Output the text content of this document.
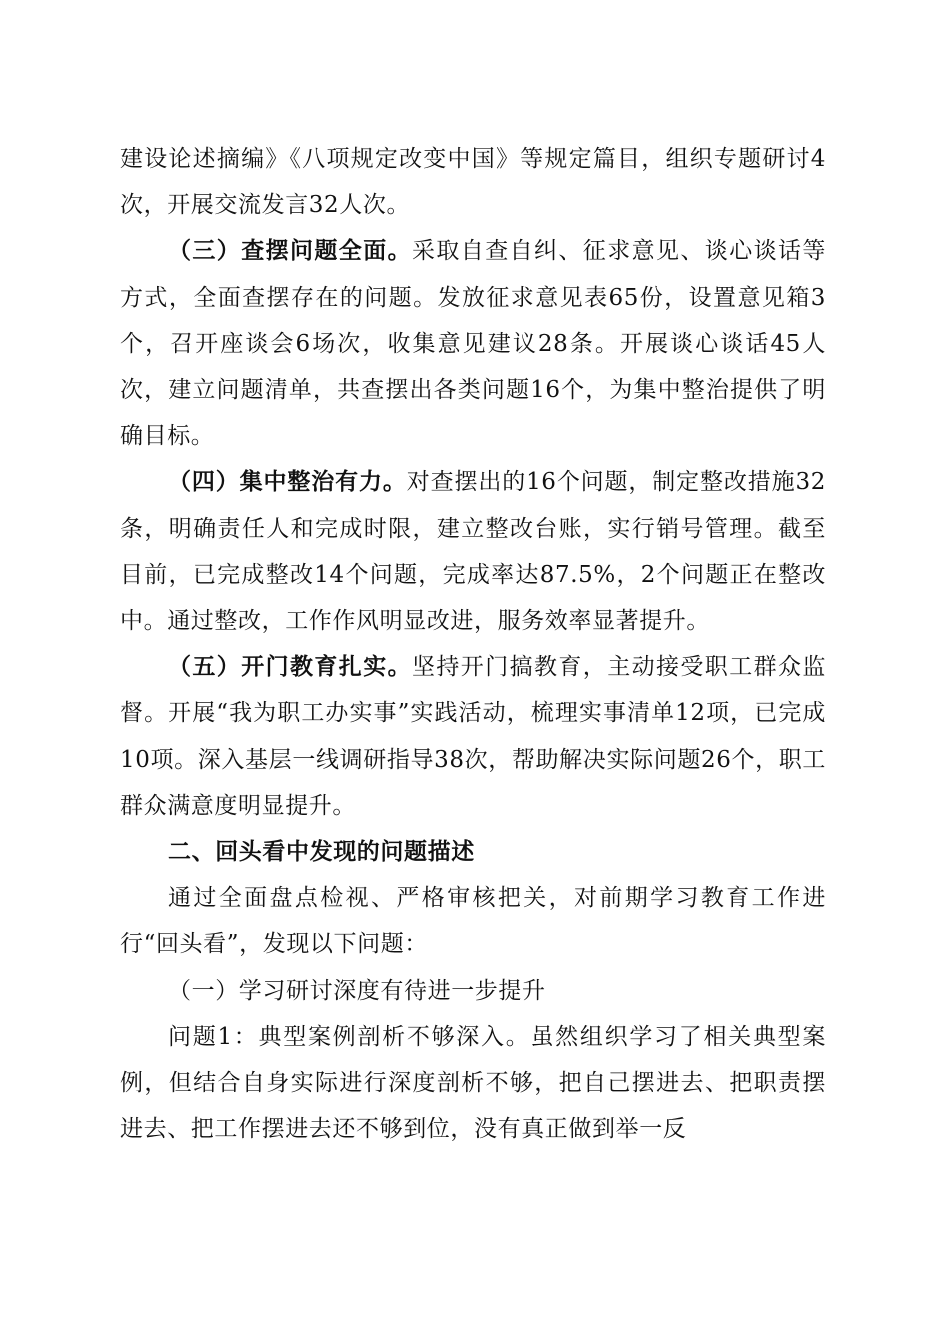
建设论述摘编》《八项规定改变中国》等规定篇目，组织专题研讨4次，开展交流发言32人次。

（三）查摆问题全面。采取自查自纠、征求意见、谈心谈话等方式，全面查摆存在的问题。发放征求意见表65份，设置意见箱3个，召开座谈会6场次，收集意见建议28条。开展谈心谈话45人次，建立问题清单，共查摆出各类问题16个，为集中整治提供了明确目标。

（四）集中整治有力。对查摆出的16个问题，制定整改措施32条，明确责任人和完成时限，建立整改台账，实行销号管理。截至目前，已完成整改14个问题，完成率达87.5%，2个问题正在整改中。通过整改，工作作风明显改进，服务效率显著提升。

（五）开门教育扎实。坚持开门搞教育，主动接受职工群众监督。开展“我为职工办实事”实践活动，梳理实事清单12项，已完成10项。深入基层一线调研指导38次，帮助解决实际问题26个，职工群众满意度明显提升。

二、回头看中发现的问题描述

通过全面盘点检视、严格审核把关，对前期学习教育工作进行“回头看”，发现以下问题：

（一）学习研讨深度有待进一步提升

问题1：典型案例剖析不够深入。虽然组织学习了相关典型案例，但结合自身实际进行深度剖析不够，把自己摆进去、把职责摆进去、把工作摆进去还不够到位，没有真正做到举一反
